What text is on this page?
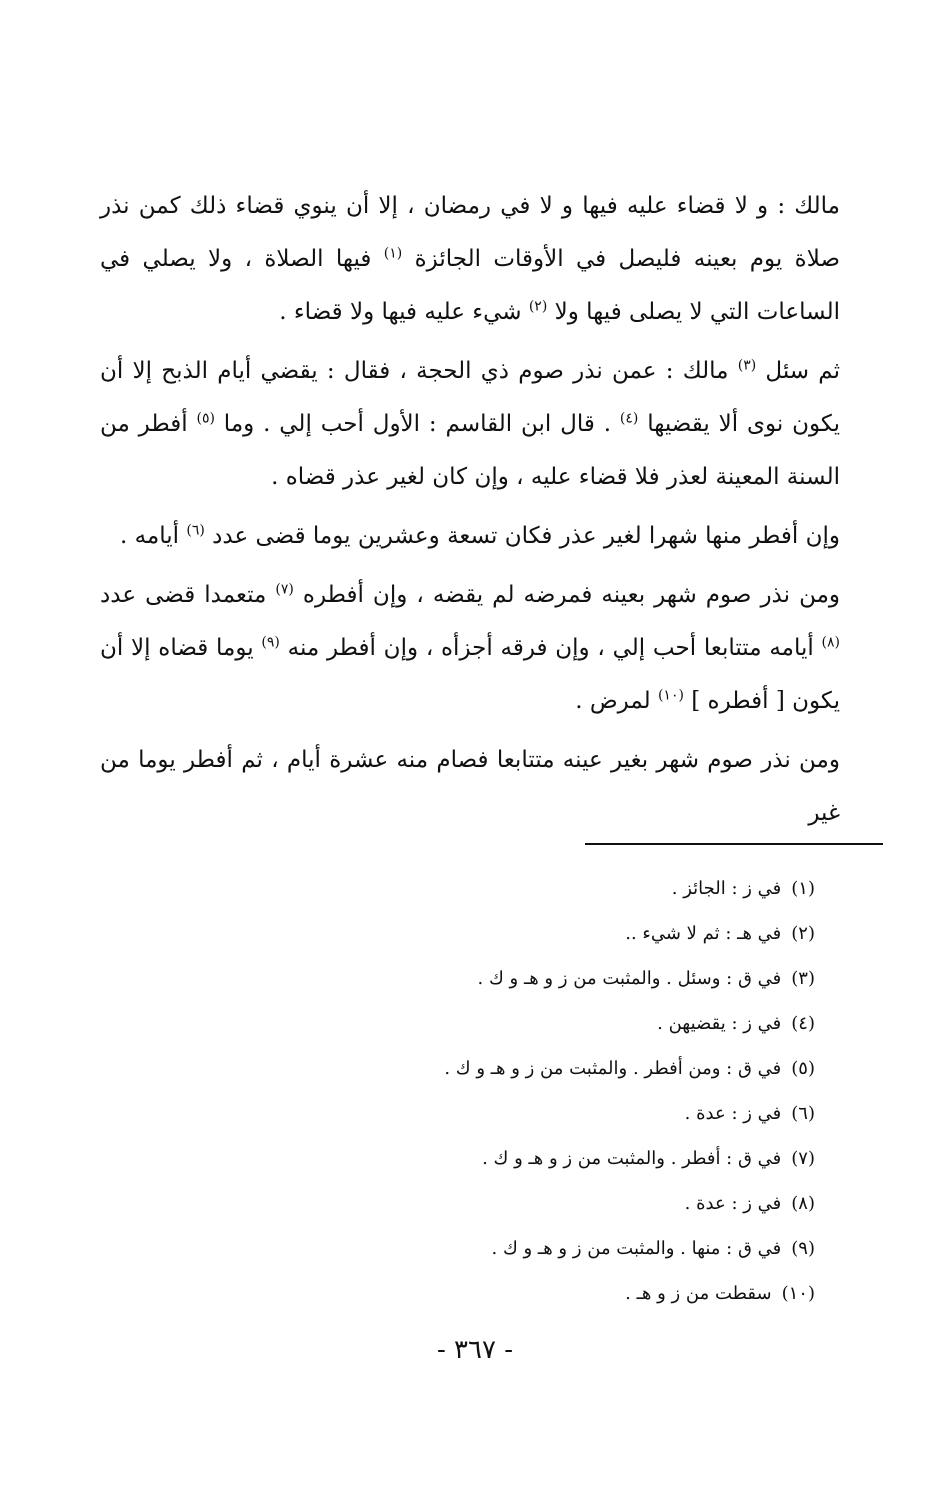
مالك : و لا قضاء عليه فيها و لا في رمضان ، إلا أن ينوي قضاء ذلك كمن نذر صلاة يوم بعينه فليصل في الأوقات الجائزة $^{(١)}$ فيها الصلاة ، ولا يصلي في الساعات التي لا يصلى فيها ولا $^{(٢)}$ شيء عليه فيها ولا قضاء .

ثم سئل $^{(٣)}$ مالك : عمن نذر صوم ذي الحجة ، فقال : يقضي أيام الذبح إلا أن يكون نوى ألا يقضيها $^{(٤)}$ . قال ابن القاسم : الأول أحب إلي . وما $^{(٥)}$ أفطر من السنة المعينة لعذر فلا قضاء عليه ، وإن كان لغير عذر قضاه .

وإن أفطر منها شهرا لغير عذر فكان تسعة وعشرين يوما قضى عدد $^{(٦)}$ أيامه .

ومن نذر صوم شهر بعينه فمرضه لم يقضه ، وإن أفطره $^{(٧)}$ متعمدا قضى عدد $^{(٨)}$ أيامه متتابعا أحب إلي ، وإن فرقه أجزأه ، وإن أفطر منه $^{(٩)}$ يوما قضاه إلا أن يكون [ أفطره ] $^{(١٠)}$ لمرض .

ومن نذر صوم شهر بغير عينه متتابعا فصام منه عشرة أيام ، ثم أفطر يوما من غير

(١)في ز : الجائز .
(٢)في هـ : ثم لا شيء ..
(٣)في ق : وسئل . والمثبت من ز و هـ و ك .
(٤)في ز : يقضيهن .
(٥)في ق : ومن أفطر . والمثبت من ز و هـ و ك .
(٦)في ز : عدة .
(٧)في ق : أفطر . والمثبت من ز و هـ و ك .
(٨)في ز : عدة .
(٩)في ق : منها . والمثبت من ز و هـ و ك .
(١٠)سقطت من ز و هـ .
- ٣٦٧ -
